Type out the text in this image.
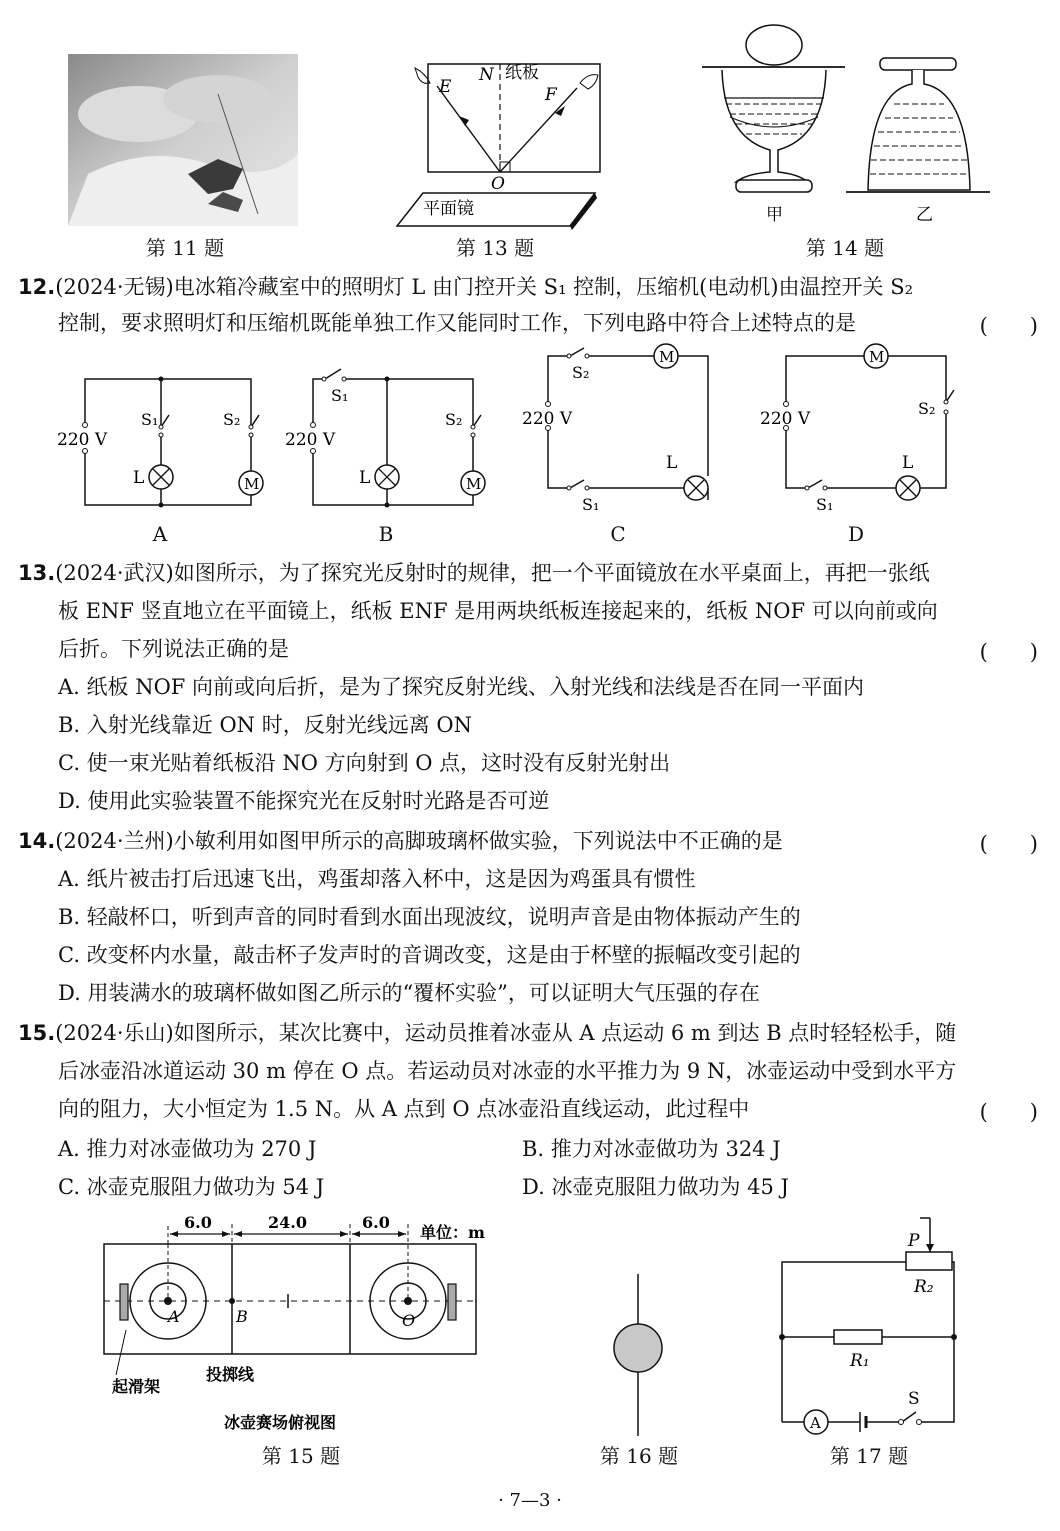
第 11 题
E
N 纸板
F
O
平面镜
第 13 题
甲	乙
第 14 题
12.(2024·无锡)电冰箱冷藏室中的照明灯 L 由门控开关 S₁ 控制，压缩机(电动机)由温控开关 S₂
控制，要求照明灯和压缩机既能单独工作又能同时工作，下列电路中符合上述特点的是	(　　)
M
220 V
S₁	S₂
L
A
M
220 V
S₁
S₂
L
B
M
220 V
S₂
S₁
L
C
M
220 V
S₂
S₁
L
D
13.(2024·武汉)如图所示，为了探究光反射时的规律，把一个平面镜放在水平桌面上，再把一张纸
板 ENF 竖直地立在平面镜上，纸板 ENF 是用两块纸板连接起来的，纸板 NOF 可以向前或向
后折。下列说法正确的是	(　　)
A. 纸板 NOF 向前或向后折，是为了探究反射光线、入射光线和法线是否在同一平面内
B. 入射光线靠近 ON 时，反射光线远离 ON
C. 使一束光贴着纸板沿 NO 方向射到 O 点，这时没有反射光射出
D. 使用此实验装置不能探究光在反射时光路是否可逆
14.(2024·兰州)小敏利用如图甲所示的高脚玻璃杯做实验，下列说法中不正确的是	(　　)
A. 纸片被击打后迅速飞出，鸡蛋却落入杯中，这是因为鸡蛋具有惯性
B. 轻敲杯口，听到声音的同时看到水面出现波纹，说明声音是由物体振动产生的
C. 改变杯内水量，敲击杯子发声时的音调改变，这是由于杯壁的振幅改变引起的
D. 用装满水的玻璃杯做如图乙所示的“覆杯实验”，可以证明大气压强的存在
15.(2024·乐山)如图所示，某次比赛中，运动员推着冰壶从 A 点运动 6 m 到达 B 点时轻轻松手，随
后冰壶沿冰道运动 30 m 停在 O 点。若运动员对冰壶的水平推力为 9 N，冰壶运动中受到水平方
向的阻力，大小恒定为 1.5 N。从 A 点到 O 点冰壶沿直线运动，此过程中	(　　)
A. 推力对冰壶做功为 270 J	B. 推力对冰壶做功为 324 J
C. 冰壶克服阻力做功为 54 J	D. 冰壶克服阻力做功为 45 J
6.0	24.0	6.0
单位：m
A	B	O
起滑架
投掷线
冰壶赛场俯视图
第 15 题	第 16 题
A
P
R₂
R₁
S
第 17 题
· 7—3 ·
